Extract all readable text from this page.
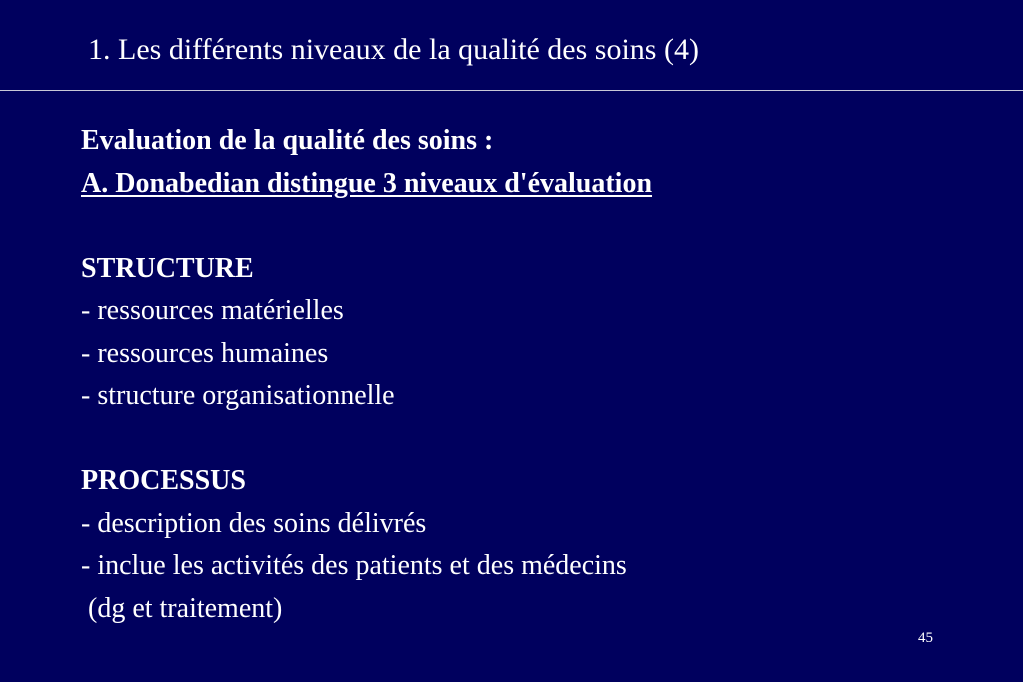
1. Les différents niveaux de la qualité des soins (4)
Evaluation de la qualité des soins :
A. Donabedian distingue 3 niveaux d'évaluation
STRUCTURE
- ressources matérielles
- ressources humaines
- structure organisationnelle
PROCESSUS
- description des soins délivrés
- inclue les activités des patients et des médecins
(dg et traitement)
45
